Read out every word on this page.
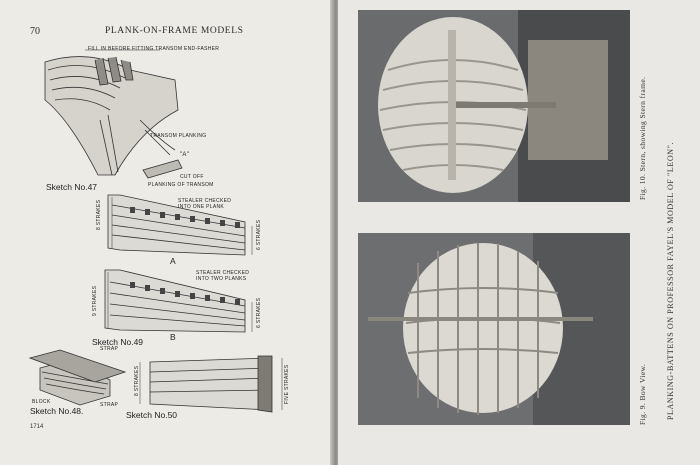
70	PLANK-ON-FRAME MODELS
FILL IN BEFORE FITTING TRANSOM END-FASHER
TRANSOM PLANKING
"A"
CUT OFF
PLANKING OF TRANSOM
Sketch No.47
STEALER CHECKED INTO ONE PLANK
8 STRAKES
6 STRAKES
A
STEALER CHECKED INTO TWO PLANKS
9 STRAKES	6 STRAKES
B
Sketch No.49
STRAP
BLOCK
Sketch No.48.
STRAP
Sketch No.50
8 STRAKES	FIVE STRAKES
1714
Fig. 10. Stern, showing Stern frame.
Fig. 9. Bow View. PLANKING-BATTENS ON PROFESSOR FAYEL'S MODEL OF "LEON".
